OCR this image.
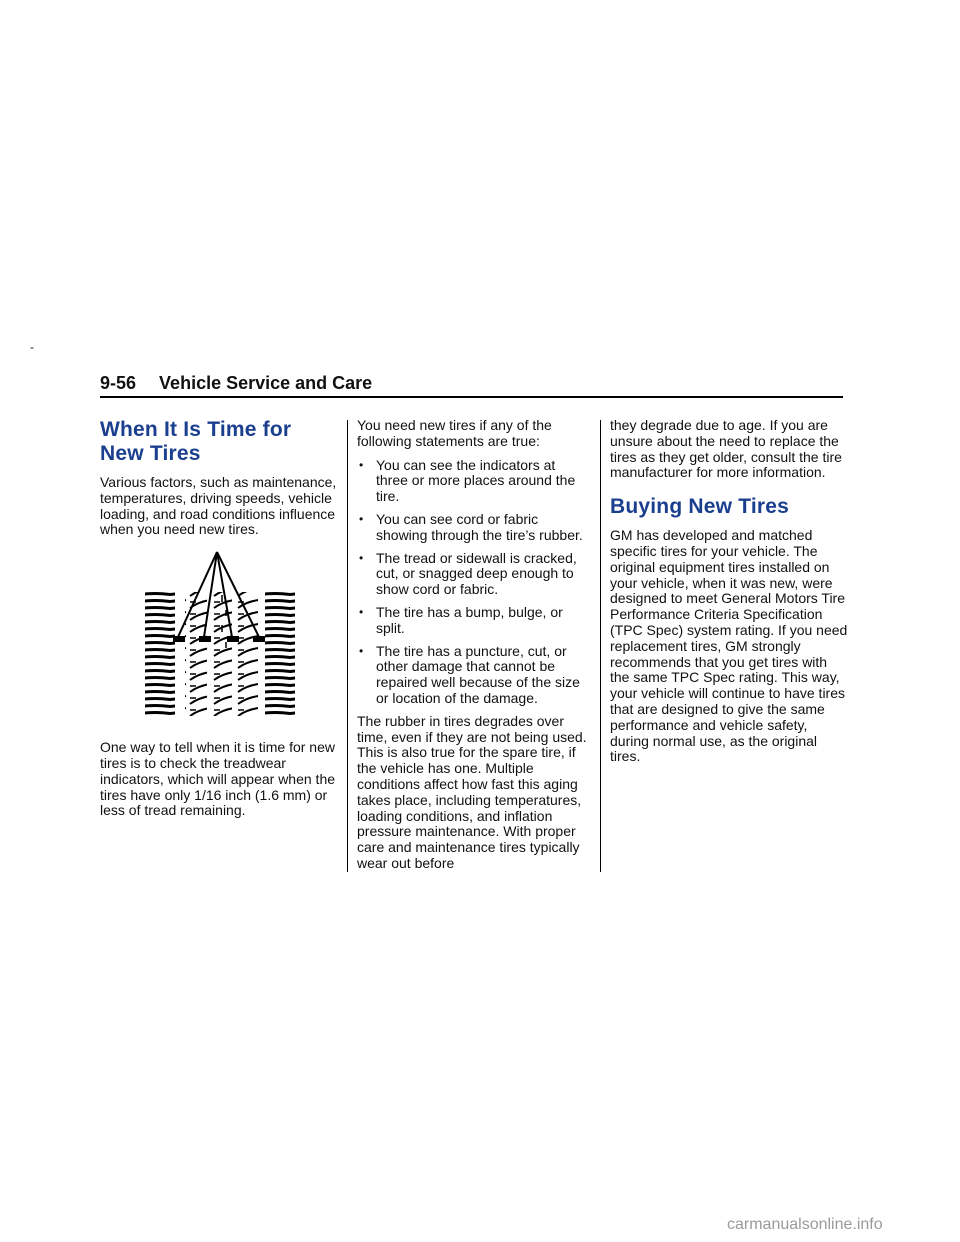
-
9-56 Vehicle Service and Care
When It Is Time for New Tires

Various factors, such as maintenance, temperatures, driving speeds, vehicle loading, and road conditions influence when you need new tires.

One way to tell when it is time for new tires is to check the treadwear indicators, which will appear when the tires have only 1/16 inch (1.6 mm) or less of tread remaining.

You need new tires if any of the following statements are true:

• You can see the indicators at three or more places around the tire.
• You can see cord or fabric showing through the tire’s rubber.
• The tread or sidewall is cracked, cut, or snagged deep enough to show cord or fabric.
• The tire has a bump, bulge, or split.
• The tire has a puncture, cut, or other damage that cannot be repaired well because of the size or location of the damage.

The rubber in tires degrades over time, even if they are not being used. This is also true for the spare tire, if the vehicle has one. Multiple conditions affect how fast this aging takes place, including temperatures, loading conditions, and inflation pressure maintenance. With proper care and maintenance tires typically wear out before

they degrade due to age. If you are unsure about the need to replace the tires as they get older, consult the tire manufacturer for more information.

Buying New Tires

GM has developed and matched specific tires for your vehicle. The original equipment tires installed on your vehicle, when it was new, were designed to meet General Motors Tire Performance Criteria Specification (TPC Spec) system rating. If you need replacement tires, GM strongly recommends that you get tires with the same TPC Spec rating. This way, your vehicle will continue to have tires that are designed to give the same performance and vehicle safety, during normal use, as the original tires.

carmanualsonline.info
